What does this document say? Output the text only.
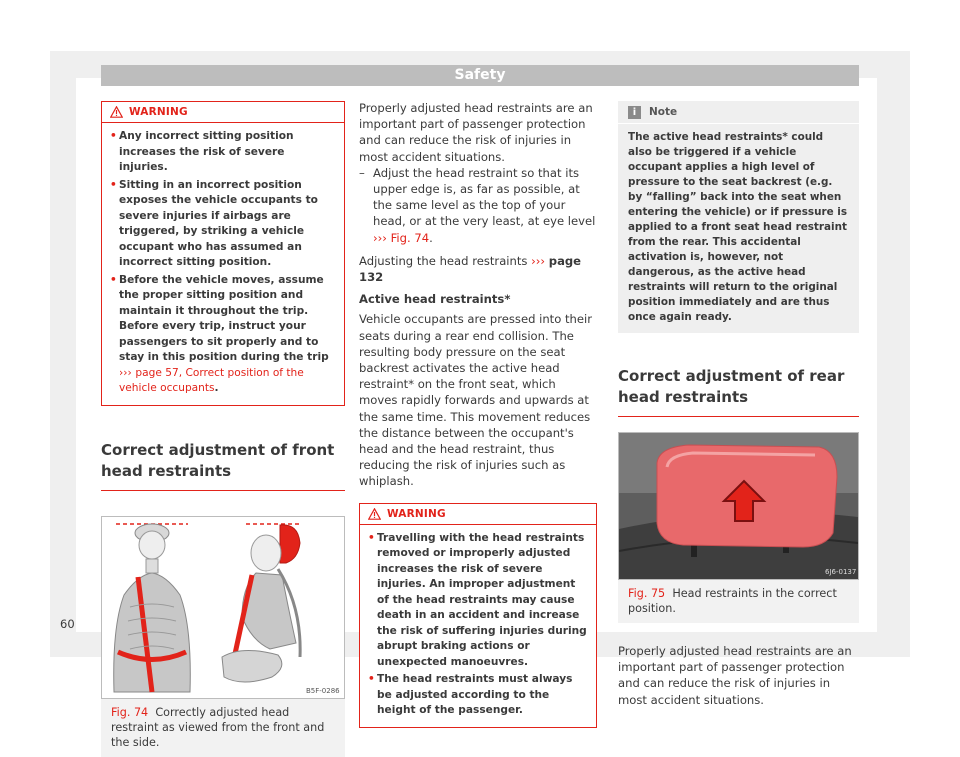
Safety
WARNING
• Any incorrect sitting position increases the risk of severe injuries.
• Sitting in an incorrect position exposes the vehicle occupants to severe injuries if airbags are triggered, by striking a vehicle occupant who has assumed an incorrect sitting position.
• Before the vehicle moves, assume the proper sitting position and maintain it throughout the trip. Before every trip, instruct your passengers to sit properly and to stay in this position during the trip ››› page 57, Correct position of the vehicle occupants.
Correct adjustment of front head restraints
B5F-0286
Fig. 74 Correctly adjusted head restraint as viewed from the front and the side.

Properly adjusted head restraints are an important part of passenger protection and can reduce the risk of injuries in most accident situations.

– Adjust the head restraint so that its upper edge is, as far as possible, at the same level as the top of your head, or at the very least, at eye level ››› Fig. 74.

Adjusting the head restraints ››› page 132

Active head restraints*

Vehicle occupants are pressed into their seats during a rear end collision. The resulting body pressure on the seat backrest activates the active head restraint* on the front seat, which moves rapidly forwards and upwards at the same time. This movement reduces the distance between the occupant's head and the head restraint, thus reducing the risk of injuries such as whiplash.

WARNING
• Travelling with the head restraints removed or improperly adjusted increases the risk of severe injuries. An improper adjustment of the head restraints may cause death in an accident and increase the risk of suffering injuries during abrupt braking actions or unexpected manoeuvres.
• The head restraints must always be adjusted according to the height of the passenger.
i	Note
The active head restraints* could also be triggered if a vehicle occupant applies a high level of pressure to the seat backrest (e.g. by “falling” back into the seat when entering the vehicle) or if pressure is applied to a front seat head restraint from the rear. This accidental activation is, however, not dangerous, as the active head restraints will return to the original position immediately and are thus once again ready.
Correct adjustment of rear head restraints
6J6-0137
Fig. 75 Head restraints in the correct position.

Properly adjusted head restraints are an important part of passenger protection and can reduce the risk of injuries in most accident situations.

60
